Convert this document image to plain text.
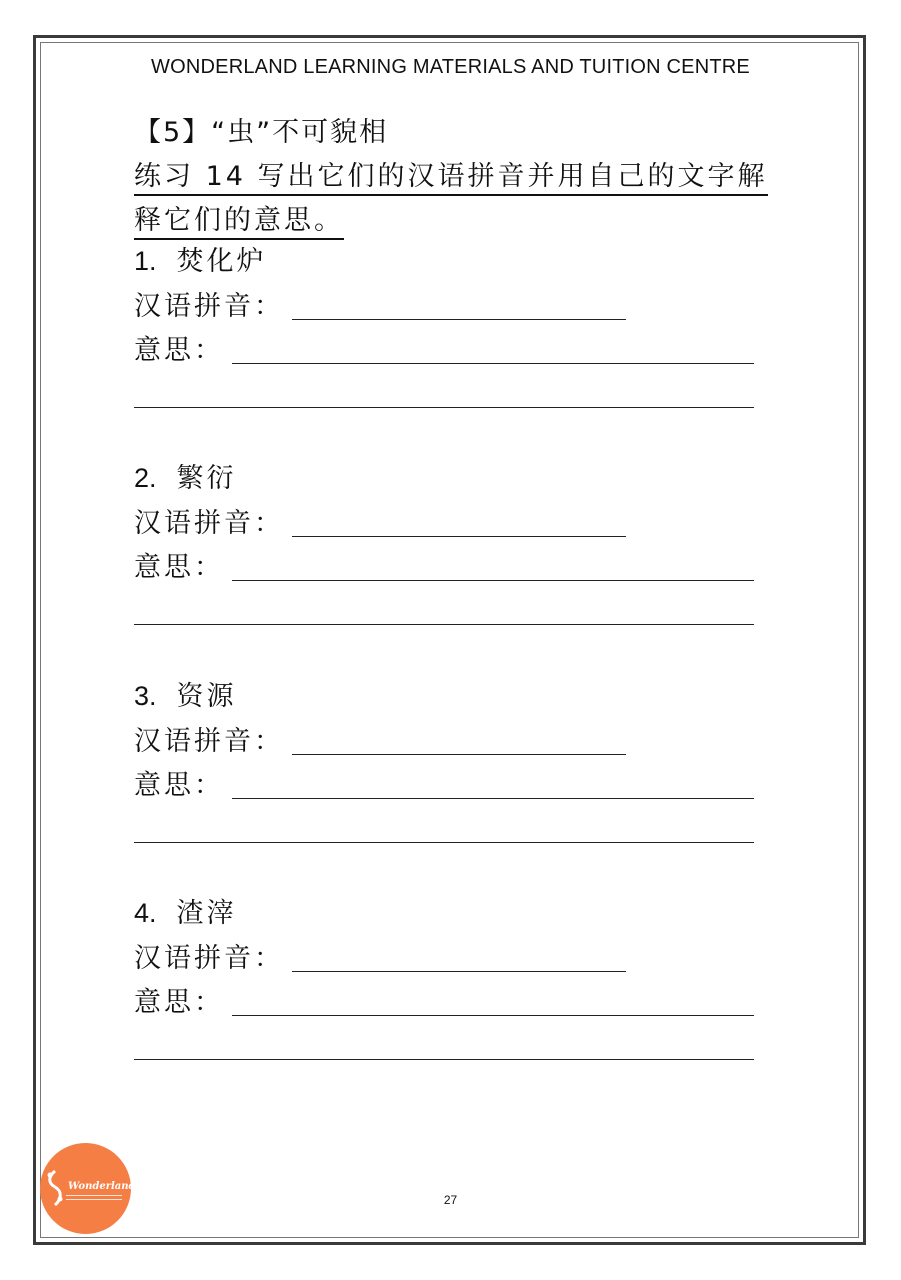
WONDERLAND LEARNING MATERIALS AND TUITION CENTRE
【5】“虫”不可貌相
练习 14 写出它们的汉语拼音并用自己的文字解释它们的意思。
1. 焚化炉
汉语拼音：
意思：
2. 繁衍
汉语拼音：
意思：
3. 资源
汉语拼音：
意思：
4. 渣滓
汉语拼音：
意思：
Wonderland
27
